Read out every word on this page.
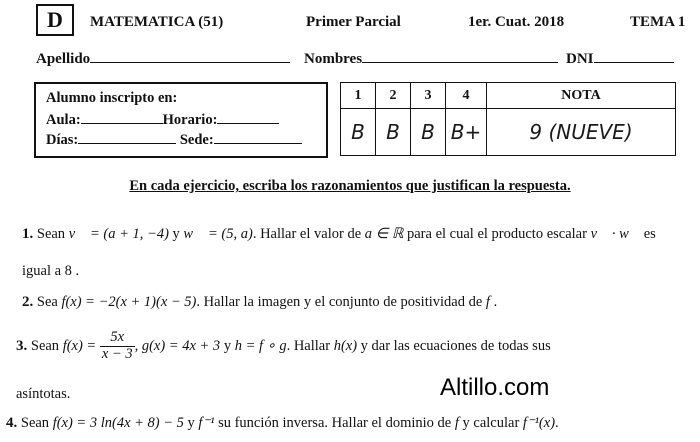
D	MATEMATICA (51)	Primer Parcial	1er. Cuat. 2018	TEMA 1
Apellido	Nombres	DNI
Alumno inscripto en:
Aula:	Horario:
Días:	Sede:
1	2	3	4	NOTA
B	B	B	B+	9 (NUEVE)
En cada ejercicio, escriba los razonamientos que justifican la respuesta.
1. Sean v⃗ = (a + 1, −4) y w⃗ = (5, a). Hallar el valor de a ∈ ℝ para el cual el producto escalar v⃗ · w⃗ es
igual a 8 .
2. Sea f(x) = −2(x + 1)(x − 5). Hallar la imagen y el conjunto de positividad de f .
3. Sean $f(x) = \frac{5x}{x - 3}$ , g(x) = 4x + 3 y h = f ∘ g. Hallar h(x) y dar las ecuaciones de todas sus
asíntotas.
4. Sean f(x) = 3 ln(4x + 8) − 5 y f⁻¹ su función inversa. Hallar el dominio de f y calcular f⁻¹(x).
Altillo.com
